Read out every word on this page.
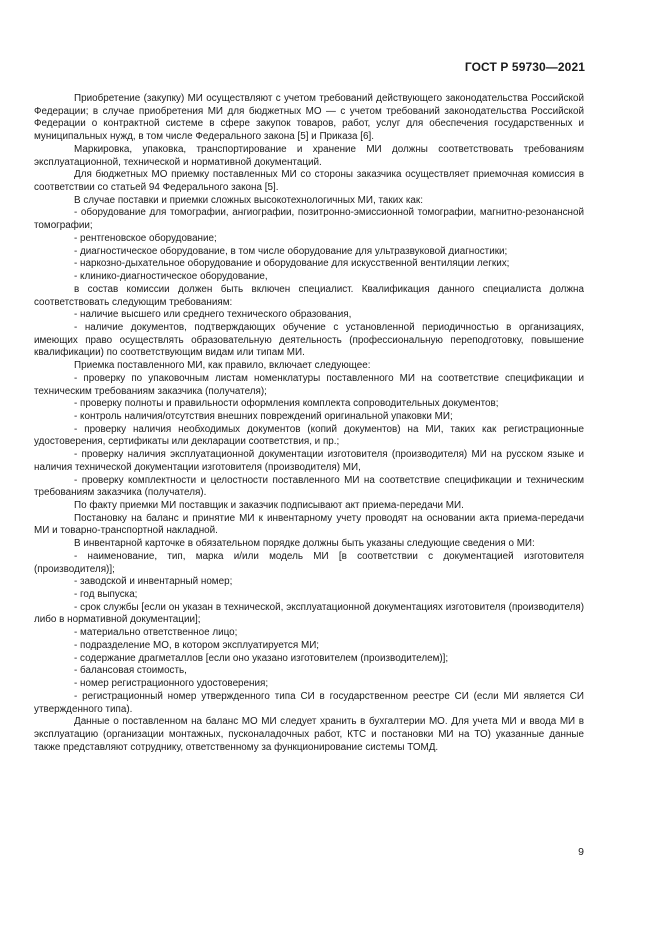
ГОСТ Р 59730—2021

Приобретение (закупку) МИ осуществляют с учетом требований действующего законодательства Российской Федерации; в случае приобретения МИ для бюджетных МО — с учетом требований законодательства Российской Федерации о контрактной системе в сфере закупок товаров, работ, услуг для обеспечения государственных и муниципальных нужд, в том числе Федерального закона [5] и Приказа [6].

Маркировка, упаковка, транспортирование и хранение МИ должны соответствовать требованиям эксплуатационной, технической и нормативной документаций.

Для бюджетных МО приемку поставленных МИ со стороны заказчика осуществляет приемочная комиссия в соответствии со статьей 94 Федерального закона [5].

В случае поставки и приемки сложных высокотехнологичных МИ, таких как:

- оборудование для томографии, ангиографии, позитронно-эмиссионной томографии, магнитно-резонансной томографии;

- рентгеновское оборудование;

- диагностическое оборудование, в том числе оборудование для ультразвуковой диагностики;

- наркозно-дыхательное оборудование и оборудование для искусственной вентиляции легких;

- клинико-диагностическое оборудование,

в состав комиссии должен быть включен специалист. Квалификация данного специалиста должна соответствовать следующим требованиям:

- наличие высшего или среднего технического образования,

- наличие документов, подтверждающих обучение с установленной периодичностью в организациях, имеющих право осуществлять образовательную деятельность (профессиональную переподготовку, повышение квалификации) по соответствующим видам или типам МИ.

Приемка поставленного МИ, как правило, включает следующее:

- проверку по упаковочным листам номенклатуры поставленного МИ на соответствие спецификации и техническим требованиям заказчика (получателя);

- проверку полноты и правильности оформления комплекта сопроводительных документов;

- контроль наличия/отсутствия внешних повреждений оригинальной упаковки МИ;

- проверку наличия необходимых документов (копий документов) на МИ, таких как регистрационные удостоверения, сертификаты или декларации соответствия, и пр.;

- проверку наличия эксплуатационной документации изготовителя (производителя) МИ на русском языке и наличия технической документации изготовителя (производителя) МИ,

- проверку комплектности и целостности поставленного МИ на соответствие спецификации и техническим требованиям заказчика (получателя).

По факту приемки МИ поставщик и заказчик подписывают акт приема-передачи МИ.

Постановку на баланс и принятие МИ к инвентарному учету проводят на основании акта приема-передачи МИ и товарно-транспортной накладной.

В инвентарной карточке в обязательном порядке должны быть указаны следующие сведения о МИ:

- наименование, тип, марка и/или модель МИ [в соответствии с документацией изготовителя (производителя)];

- заводской и инвентарный номер;

- год выпуска;

- срок службы [если он указан в технической, эксплуатационной документациях изготовителя (производителя) либо в нормативной документации];

- материально ответственное лицо;

- подразделение МО, в котором эксплуатируется МИ;

- содержание драгметаллов [если оно указано изготовителем (производителем)];

- балансовая стоимость,

- номер регистрационного удостоверения;

- регистрационный номер утвержденного типа СИ в государственном реестре СИ (если МИ является СИ утвержденного типа).

Данные о поставленном на баланс МО МИ следует хранить в бухгалтерии МО. Для учета МИ и ввода МИ в эксплуатацию (организации монтажных, пусконаладочных работ, КТС и постановки МИ на ТО) указанные данные также представляют сотруднику, ответственному за функционирование системы ТОМД.

9
